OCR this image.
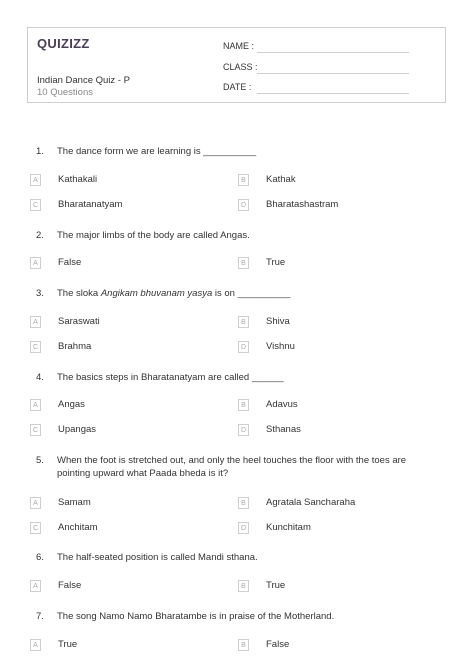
QUIZIZZ
Indian Dance Quiz - P
10 Questions
NAME :
CLASS :
DATE :
1. The dance form we are learning is __________
A	Kathakali	B	Kathak
C	Bharatanatyam	D	Bharatashastram
2. The major limbs of the body are called Angas.
A	False	B	True
3. The sloka Angikam bhuvanam yasya is on __________
A	Saraswati	B	Shiva
C	Brahma	D	Vishnu
4. The basics steps in Bharatanatyam are called ______
A	Angas	B	Adavus
C	Upangas	D	Sthanas
5. When the foot is stretched out, and only the heel touches the floor with the toes are
pointing upward what Paada bheda is it?
A	Samam	B	Agratala Sancharaha
C	Anchitam	D	Kunchitam
6. The half-seated position is called Mandi sthana.
A	False	B	True
7. The song Namo Namo Bharatambe is in praise of the Motherland.
A	True	B	False
